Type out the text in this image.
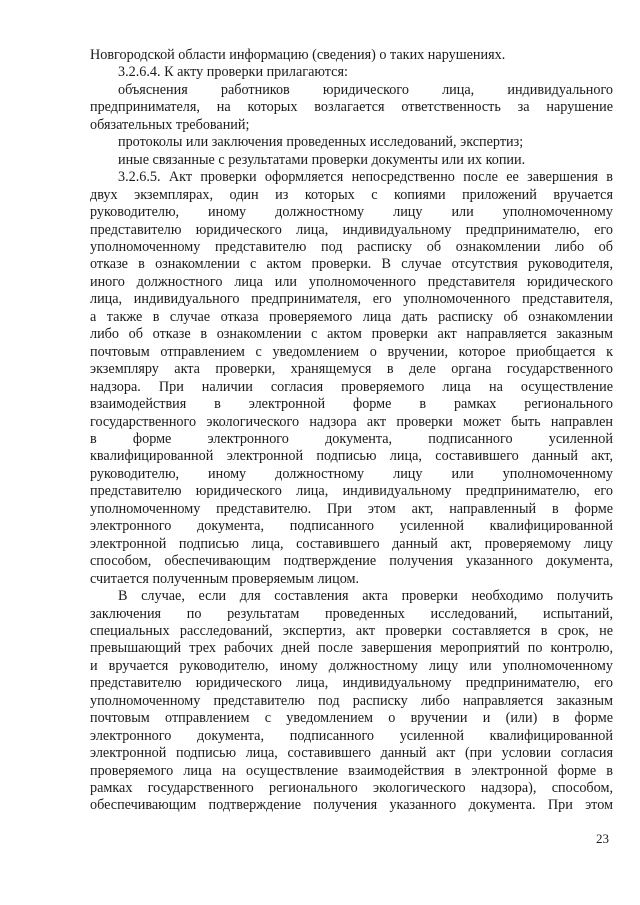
Новгородской области информацию (сведения) о таких нарушениях.
3.2.6.4. К акту проверки прилагаются:
объяснения работников юридического лица, индивидуального
предпринимателя, на которых возлагается ответственность за нарушение
обязательных требований;
протоколы или заключения проведенных исследований, экспертиз;
иные связанные с результатами проверки документы или их копии.
3.2.6.5. Акт проверки оформляется непосредственно после ее завершения в
двух экземплярах, один из которых с копиями приложений вручается
руководителю, иному должностному лицу или уполномоченному
представителю юридического лица, индивидуальному предпринимателю, его
уполномоченному представителю под расписку об ознакомлении либо об
отказе в ознакомлении с актом проверки. В случае отсутствия руководителя,
иного должностного лица или уполномоченного представителя юридического
лица, индивидуального предпринимателя, его уполномоченного представителя,
а также в случае отказа проверяемого лица дать расписку об ознакомлении
либо об отказе в ознакомлении с актом проверки акт направляется заказным
почтовым отправлением с уведомлением о вручении, которое приобщается к
экземпляру акта проверки, хранящемуся в деле органа государственного
надзора. При наличии согласия проверяемого лица на осуществление
взаимодействия в электронной форме в рамках регионального
государственного экологического надзора акт проверки может быть направлен
в форме электронного документа, подписанного усиленной
квалифицированной электронной подписью лица, составившего данный акт,
руководителю, иному должностному лицу или уполномоченному
представителю юридического лица, индивидуальному предпринимателю, его
уполномоченному представителю. При этом акт, направленный в форме
электронного документа, подписанного усиленной квалифицированной
электронной подписью лица, составившего данный акт, проверяемому лицу
способом, обеспечивающим подтверждение получения указанного документа,
считается полученным проверяемым лицом.
В случае, если для составления акта проверки необходимо получить
заключения по результатам проведенных исследований, испытаний,
специальных расследований, экспертиз, акт проверки составляется в срок, не
превышающий трех рабочих дней после завершения мероприятий по контролю,
и вручается руководителю, иному должностному лицу или уполномоченному
представителю юридического лица, индивидуальному предпринимателю, его
уполномоченному представителю под расписку либо направляется заказным
почтовым отправлением с уведомлением о вручении и (или) в форме
электронного документа, подписанного усиленной квалифицированной
электронной подписью лица, составившего данный акт (при условии согласия
проверяемого лица на осуществление взаимодействия в электронной форме в
рамках государственного регионального экологического надзора), способом,
обеспечивающим подтверждение получения указанного документа. При этом
23
